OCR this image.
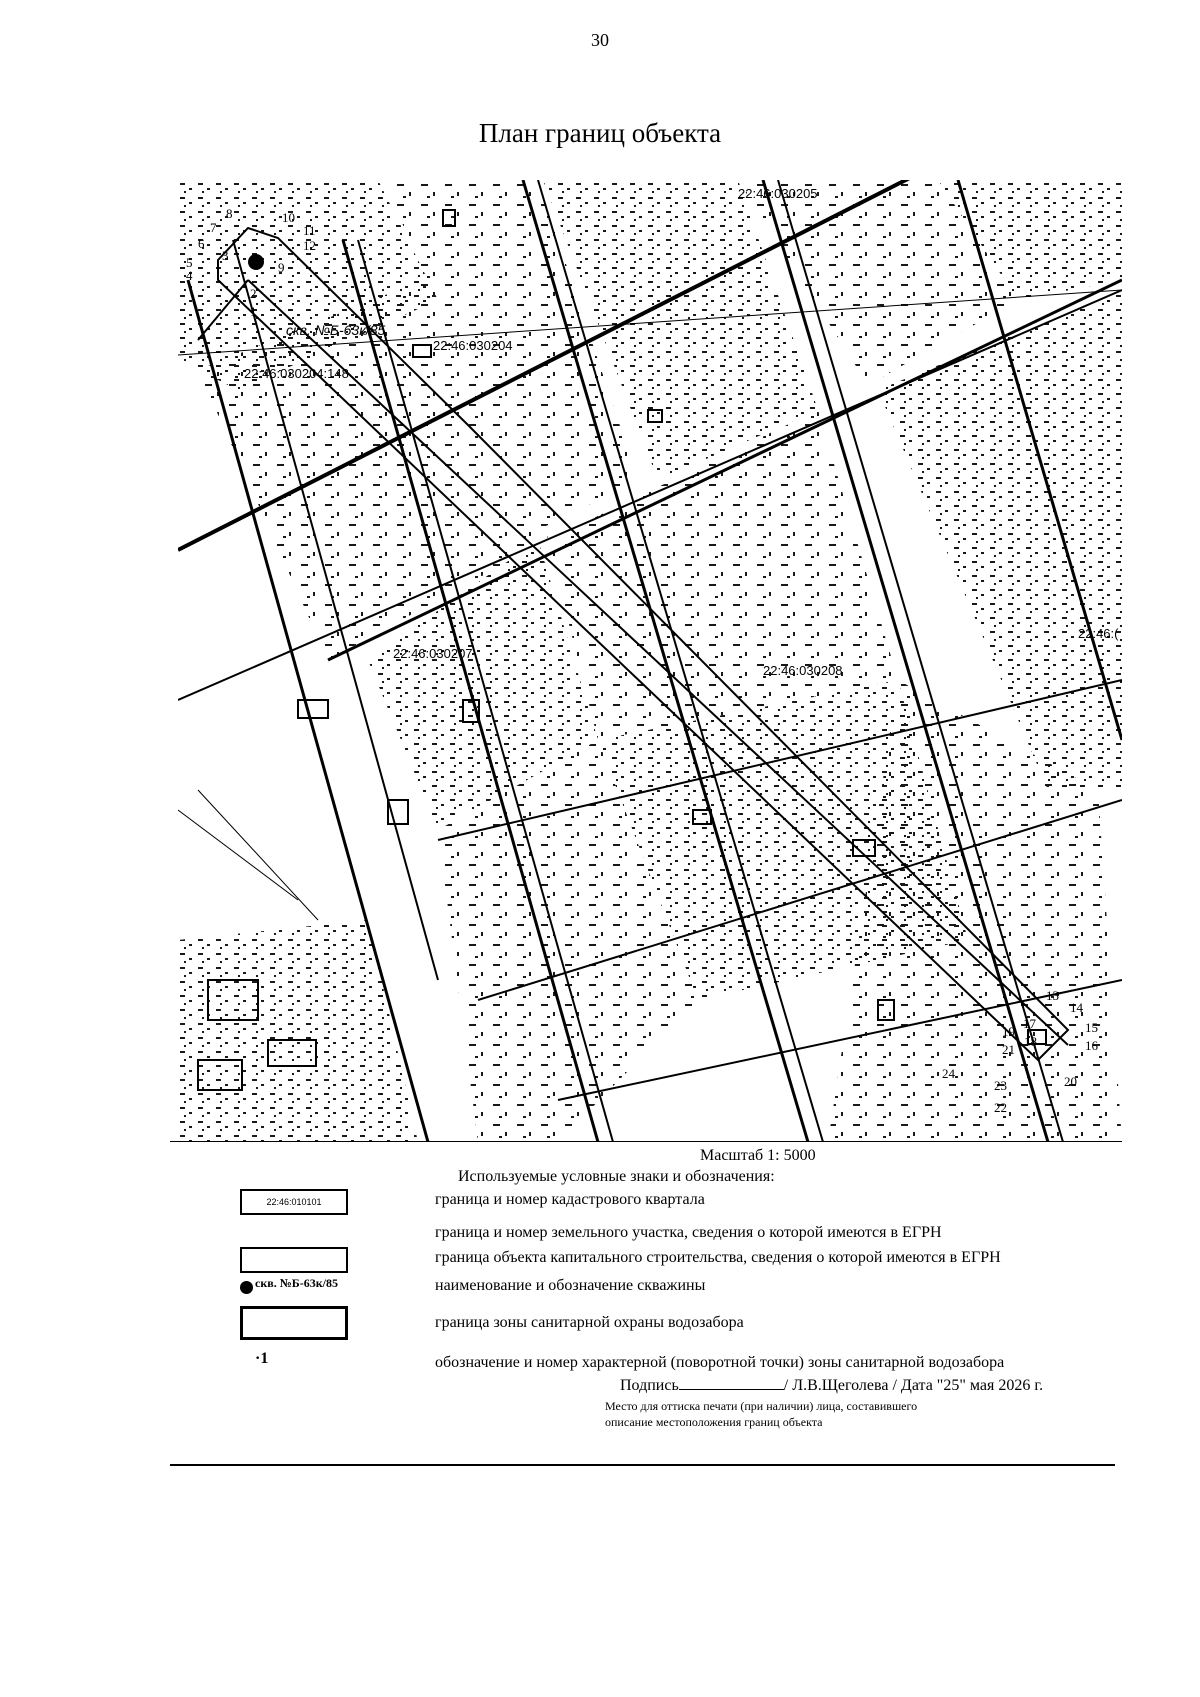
30
План границ объекта
22:46:030205
22:46:030204
22:46:030204:148
22:46:030207
22:46:030208
22:46:(
скв. №Б-63к/85
1
2
3
4
5
6
7
8
9
10
11
12
13
14
15
16
17
18
19
20
21
22
23
24
Масштаб 1: 5000
Используемые условные знаки и обозначения:
22:46:010101	граница и номер кадастрового квартала
граница и номер земельного участка, сведения о которой имеются в ЕГРН
граница объекта капитального строительства, сведения о которой имеются в ЕГРН
скв. №Б-63к/85	наименование и обозначение скважины
граница зоны санитарной охраны водозабора
·1	обозначение и номер характерной (поворотной точки) зоны санитарной водозабора
Подпись	/ Л.В.Щеголева / Дата "25" мая 2026 г.
Место для оттиска печати (при наличии) лица, составившего
описание местоположения границ объекта
